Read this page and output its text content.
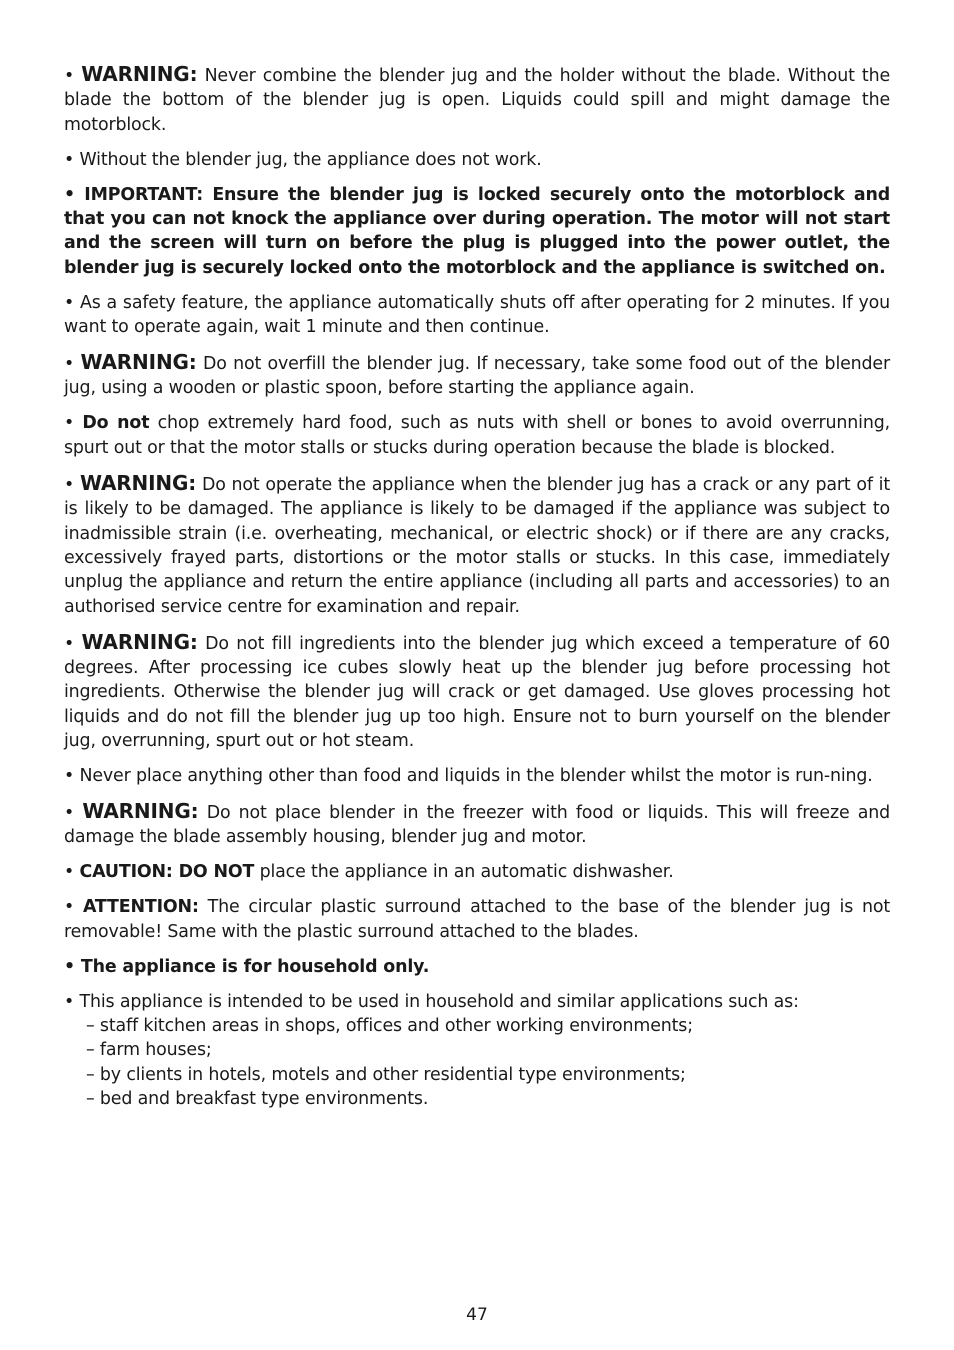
• WARNING: Never combine the blender jug and the holder without the blade. Without the blade the bottom of the blender jug is open. Liquids could spill and might damage the motorblock.

• Without the blender jug, the appliance does not work.

• IMPORTANT: Ensure the blender jug is locked securely onto the motorblock and that you can not knock the appliance over during operation. The motor will not start and the screen will turn on before the plug is plugged into the power outlet, the blender jug is securely locked onto the motorblock and the appliance is switched on.

• As a safety feature, the appliance automatically shuts off after operating for 2 minutes. If you want to operate again, wait 1 minute and then continue.

• WARNING: Do not overfill the blender jug. If necessary, take some food out of the blender jug, using a wooden or plastic spoon, before starting the appliance again.

• Do not chop extremely hard food, such as nuts with shell or bones to avoid overrunning, spurt out or that the motor stalls or stucks during operation because the blade is blocked.

• WARNING: Do not operate the appliance when the blender jug has a crack or any part of it is likely to be damaged. The appliance is likely to be damaged if the appliance was subject to inadmissible strain (i.e. overheating, mechanical, or electric shock) or if there are any cracks, excessively frayed parts, distortions or the motor stalls or stucks. In this case, immediately unplug the appliance and return the entire appliance (including all parts and accessories) to an authorised service centre for examination and repair.

• WARNING: Do not fill ingredients into the blender jug which exceed a temperature of 60 degrees. After processing ice cubes slowly heat up the blender jug before processing hot ingredients. Otherwise the blender jug will crack or get damaged. Use gloves processing hot liquids and do not fill the blender jug up too high. Ensure not to burn yourself on the blender jug, overrunning, spurt out or hot steam.

• Never place anything other than food and liquids in the blender whilst the motor is run-ning.

• WARNING: Do not place blender in the freezer with food or liquids. This will freeze and damage the blade assembly housing, blender jug and motor.

• CAUTION: DO NOT place the appliance in an automatic dishwasher.

• ATTENTION: The circular plastic surround attached to the base of the blender jug is not removable! Same with the plastic surround attached to the blades.

• The appliance is for household only.

• This appliance is intended to be used in household and similar applications such as:
– staff kitchen areas in shops, offices and other working environments;
– farm houses;
– by clients in hotels, motels and other residential type environments;
– bed and breakfast type environments.

47
